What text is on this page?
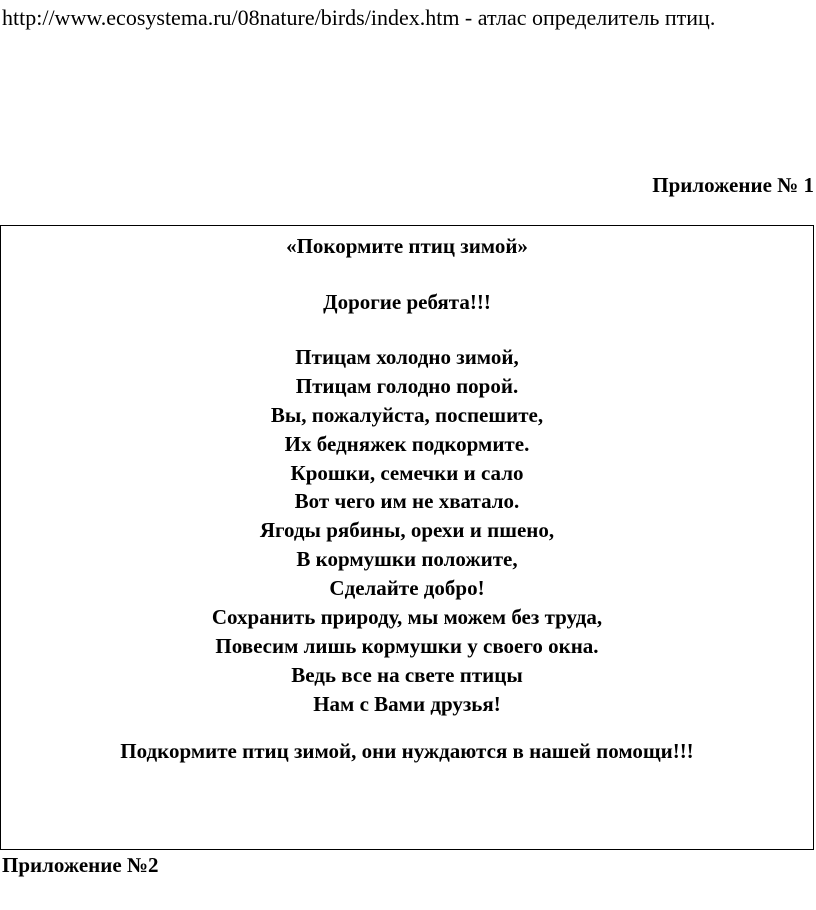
http://www.ecosystema.ru/08nature/birds/index.htm - атлас определитель птиц.
Приложение № 1
«Покормите птиц зимой»
Дорогие ребята!!!
Птицам холодно зимой,
Птицам голодно порой.
Вы, пожалуйста, поспешите,
Их бедняжек подкормите.
Крошки, семечки и сало
Вот чего им не хватало.
Ягоды рябины, орехи и пшено,
В кормушки положите,
Сделайте добро!
Сохранить природу, мы можем без труда,
Повесим лишь кормушки у своего окна.
Ведь все на свете птицы
Нам с Вами друзья!
Подкормите птиц зимой, они нуждаются в нашей помощи!!!
Приложение №2
